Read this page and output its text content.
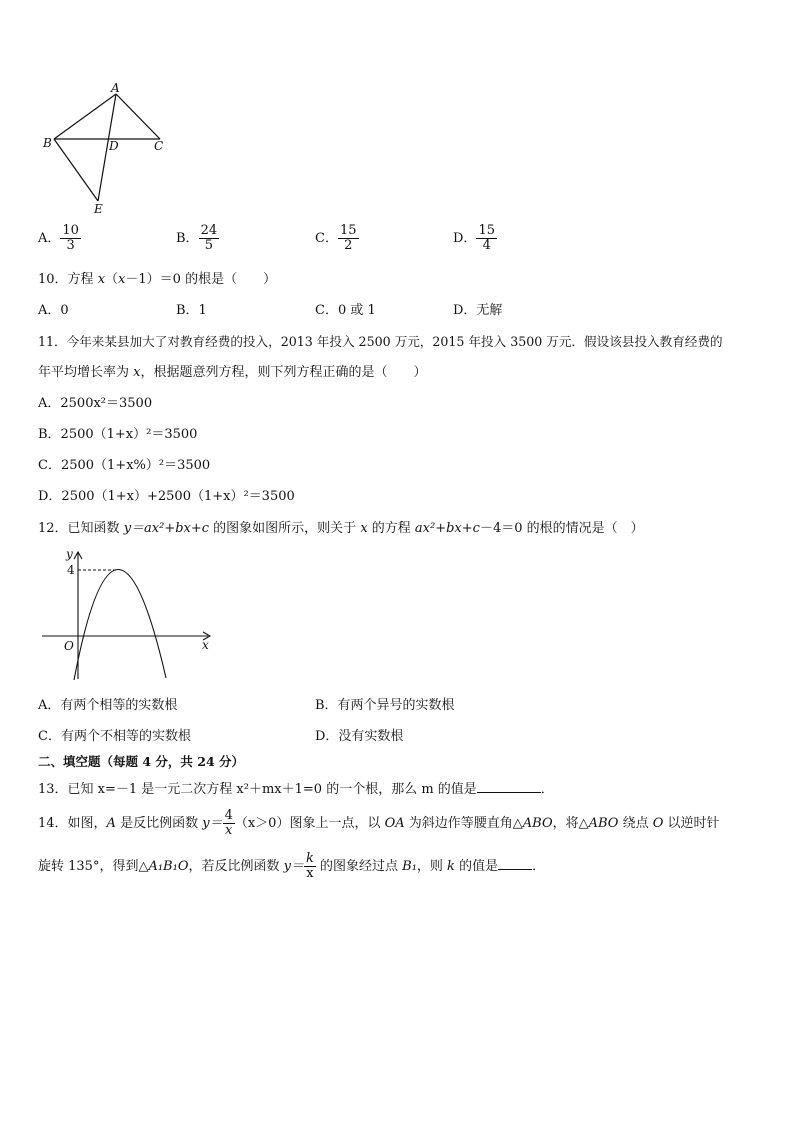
A
B	D	C
E
A． $\frac{10}{3}$	B． $\frac{24}{5}$	C． $\frac{15}{2}$	D． $\frac{15}{4}$
10．方程 x（x－1）＝0 的根是（　　）
A．0	B．1	C．0 或 1	D．无解
11．今年来某县加大了对教育经费的投入，2013 年投入 2500 万元，2015 年投入 3500 万元．假设该县投入教育经费的
年平均增长率为 x，根据题意列方程，则下列方程正确的是（　　）
A．2500x²＝3500
B．2500（1+x）²＝3500
C．2500（1+x%）²＝3500
D．2500（1+x）+2500（1+x）²＝3500
12．已知函数 y＝ax²+bx+c 的图象如图所示，则关于 x 的方程 ax²+bx+c－4＝0 的根的情况是（　）
y
x
O
4
A．有两个相等的实数根	B．有两个异号的实数根
C．有两个不相等的实数根	D．没有实数根
二、填空题（每题 4 分，共 24 分）
13．已知 x=－1 是一元二次方程 x²＋mx＋1=0 的一个根，那么 m 的值是	．
14．如图，A 是反比例函数 $y= \frac{4}{x} (x>0)$图象上一点，以 OA 为斜边作等腰直角△ABO，将△ABO 绕点 O 以逆时针
旋转 135°，得到△A₁B₁O，若反比例函数 $y= \frac{k}{x}$ 的图象经过点 B₁，则 k 的值是	．
